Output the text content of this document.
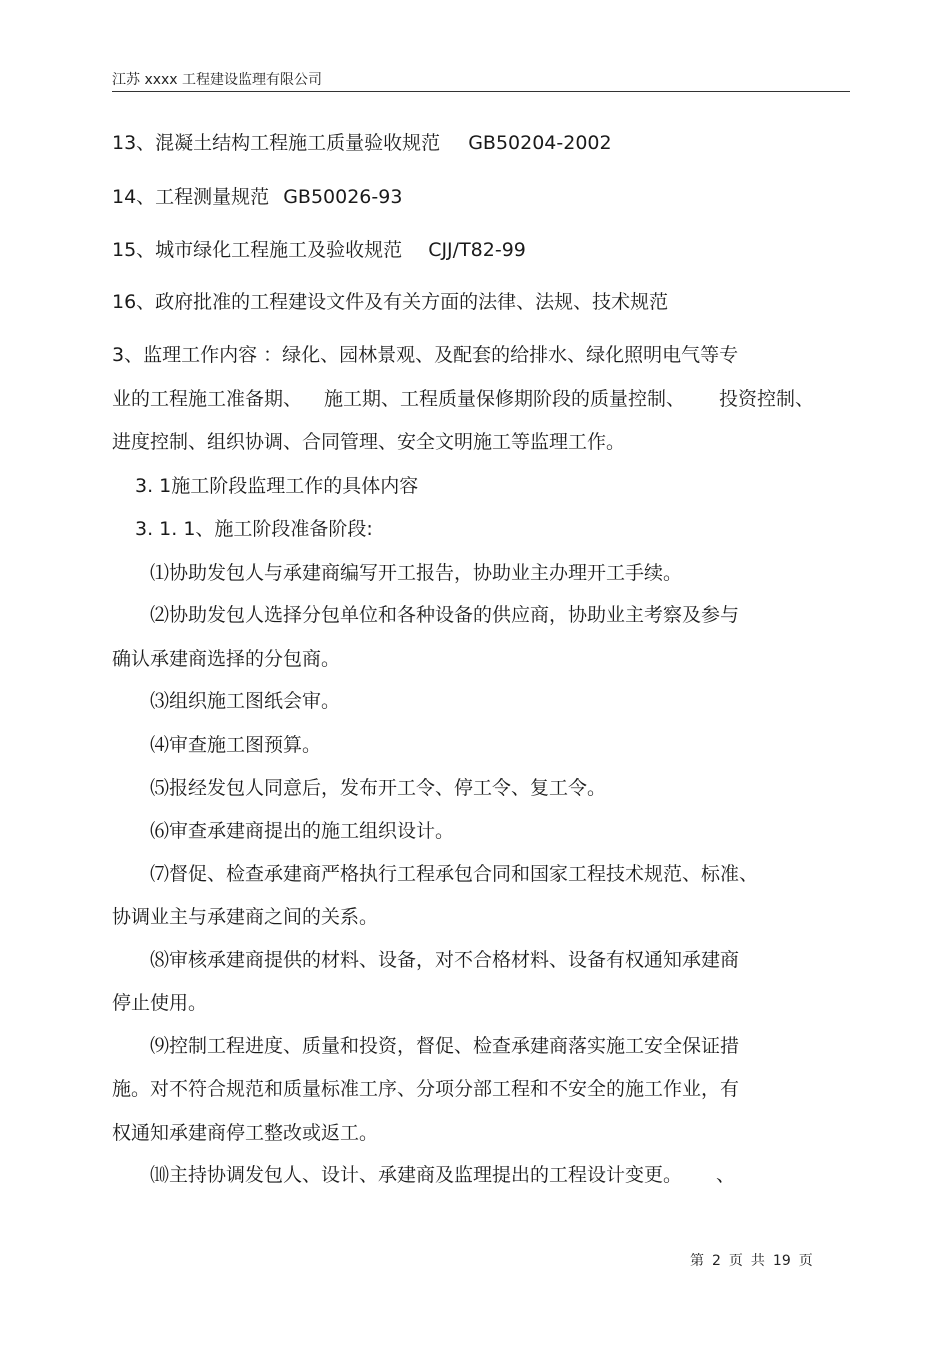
江苏 xxxx 工程建设监理有限公司
13、混凝土结构工程施工质量验收规范 GB50204-2002
14、工程测量规范 GB50026-93
15、城市绿化工程施工及验收规范 CJJ/T82-99
16、政府批准的工程建设文件及有关方面的法律、法规、技术规范
3、监理工作内容 ：绿化、园林景观、及配套的给排水、绿化照明电气等专
业的工程施工准备期、 施工期、工程质量保修期阶段的质量控制、 投资控制、
进度控制、组织协调、合同管理、安全文明施工等监理工作。
3. 1施工阶段监理工作的具体内容
3. 1. 1、施工阶段准备阶段:
⑴协助发包人与承建商编写开工报告，协助业主办理开工手续。
⑵协助发包人选择分包单位和各种设备的供应商，协助业主考察及参与
确认承建商选择的分包商。
⑶组织施工图纸会审。
⑷审查施工图预算。
⑸报经发包人同意后，发布开工令、停工令、复工令。
⑹审查承建商提出的施工组织设计。
⑺督促、检查承建商严格执行工程承包合同和国家工程技术规范、标准、
协调业主与承建商之间的关系。
⑻审核承建商提供的材料、设备，对不合格材料、设备有权通知承建商
停止使用。
⑼控制工程进度、质量和投资，督促、检查承建商落实施工安全保证措
施。对不符合规范和质量标准工序、分项分部工程和不安全的施工作业，有
权通知承建商停工整改或返工。
⑽主持协调发包人、设计、承建商及监理提出的工程设计变更。 、
第 2 页 共 19 页
